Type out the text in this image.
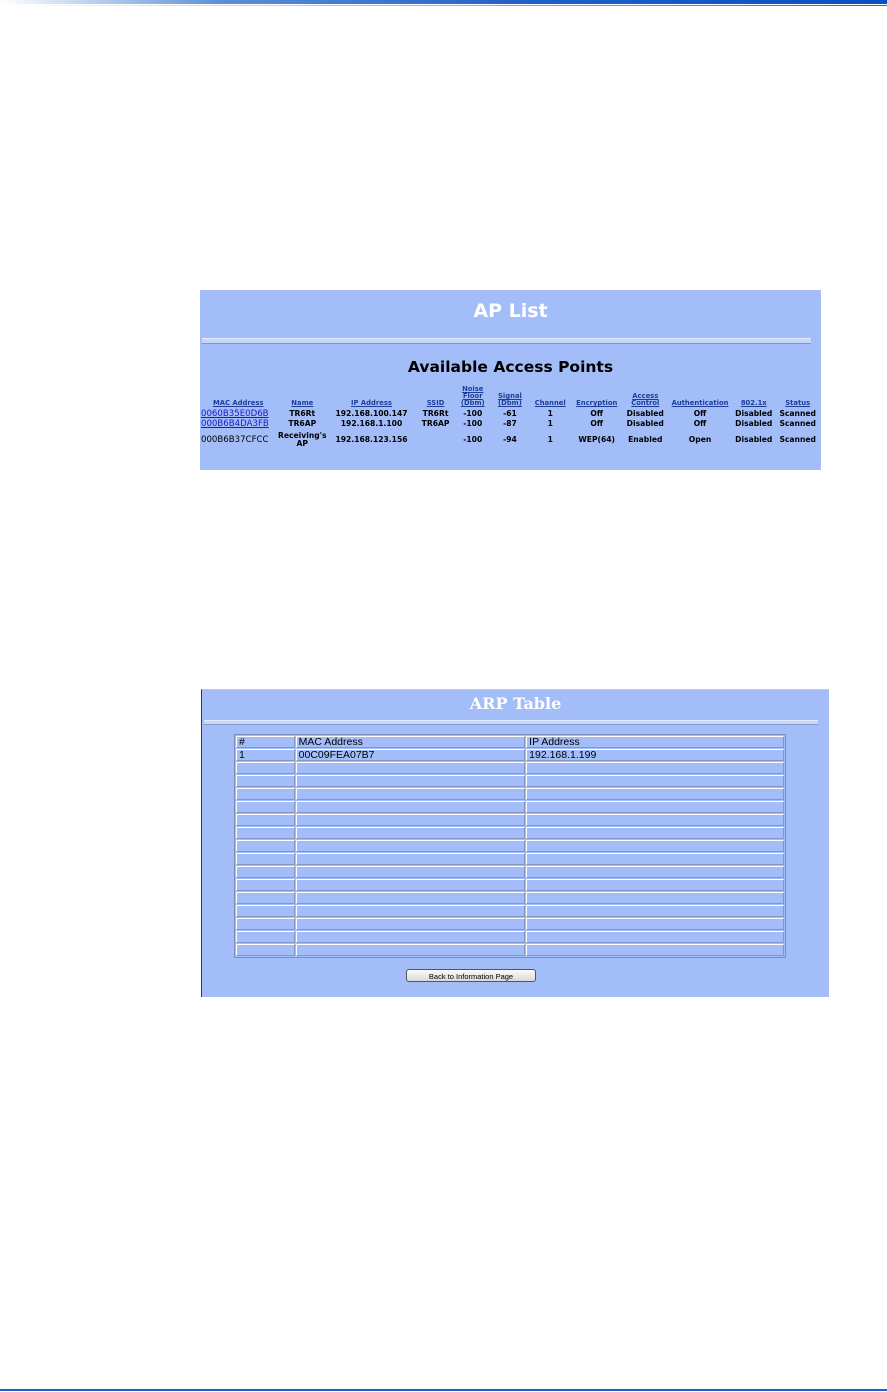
AP List
Available Access Points
MAC Address	Name	IP Address	SSID	Noise Floor (Dbm)	Signal (Dbm)	Channel	Encryption	Access Control	Authentication	802.1x	Status
0060B35E0D6B	TR6Rt	192.168.100.147	TR6Rt	-100	-61	1	Off	Disabled	Off	Disabled	Scanned
000B6B4DA3FB	TR6AP	192.168.1.100	TR6AP	-100	-87	1	Off	Disabled	Off	Disabled	Scanned
000B6B37CFCC	Receiving's AP	192.168.123.156		-100	-94	1	WEP(64)	Enabled	Open	Disabled	Scanned
ARP Table
#	MAC Address	IP Address
1	00C09FEA07B7	192.168.1.199

Back to Information Page
